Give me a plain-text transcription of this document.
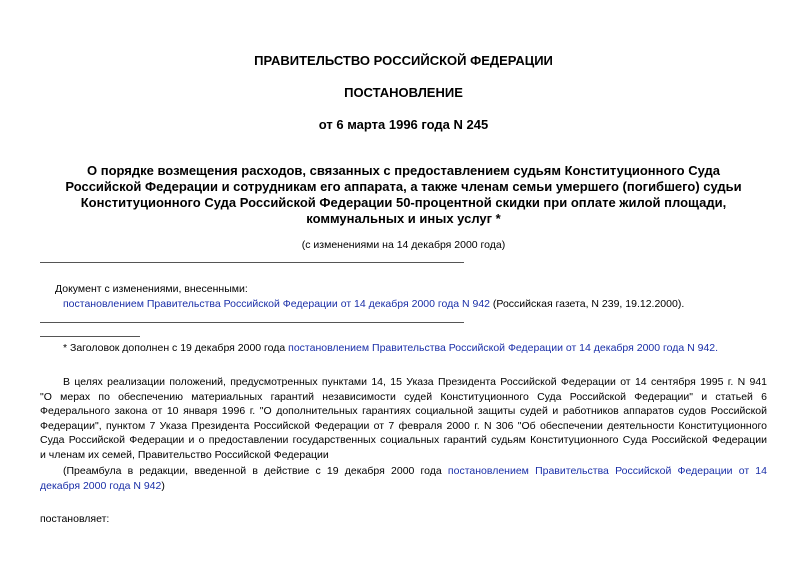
ПРАВИТЕЛЬСТВО РОССИЙСКОЙ ФЕДЕРАЦИИ
ПОСТАНОВЛЕНИЕ
от 6 марта 1996 года N 245
О порядке возмещения расходов, связанных с предоставлением судьям Конституционного Суда
Российской Федерации и сотрудникам его аппарата, а также членам семьи умершего (погибшего) судьи
Конституционного Суда Российской Федерации 50-процентной скидки при оплате жилой площади,
коммунальных и иных услуг *
(с изменениями на 14 декабря 2000 года)
Документ с изменениями, внесенными:
постановлением Правительства Российской Федерации от 14 декабря 2000 года N 942 (Российская газета, N 239, 19.12.2000).
* Заголовок дополнен с 19 декабря 2000 года постановлением Правительства Российской Федерации от 14 декабря 2000 года N 942.
В целях реализации положений, предусмотренных пунктами 14, 15 Указа Президента Российской Федерации от 14 сентября 1995 г. N 941
"О мерах по обеспечению материальных гарантий независимости судей Конституционного Суда Российской Федерации" и статьей 6
Федерального закона от 10 января 1996 г. "О дополнительных гарантиях социальной защиты судей и работников аппаратов судов Российской
Федерации", пунктом 7 Указа Президента Российской Федерации от 7 февраля 2000 г. N 306 "Об обеспечении деятельности Конституционного
Суда Российской Федерации и о предоставлении государственных социальных гарантий судьям Конституционного Суда Российской Федерации
и членам их семей, Правительство Российской Федерации
(Преамбула в редакции, введенной в действие с 19 декабря 2000 года постановлением Правительства Российской Федерации от 14
декабря 2000 года N 942)
постановляет:
